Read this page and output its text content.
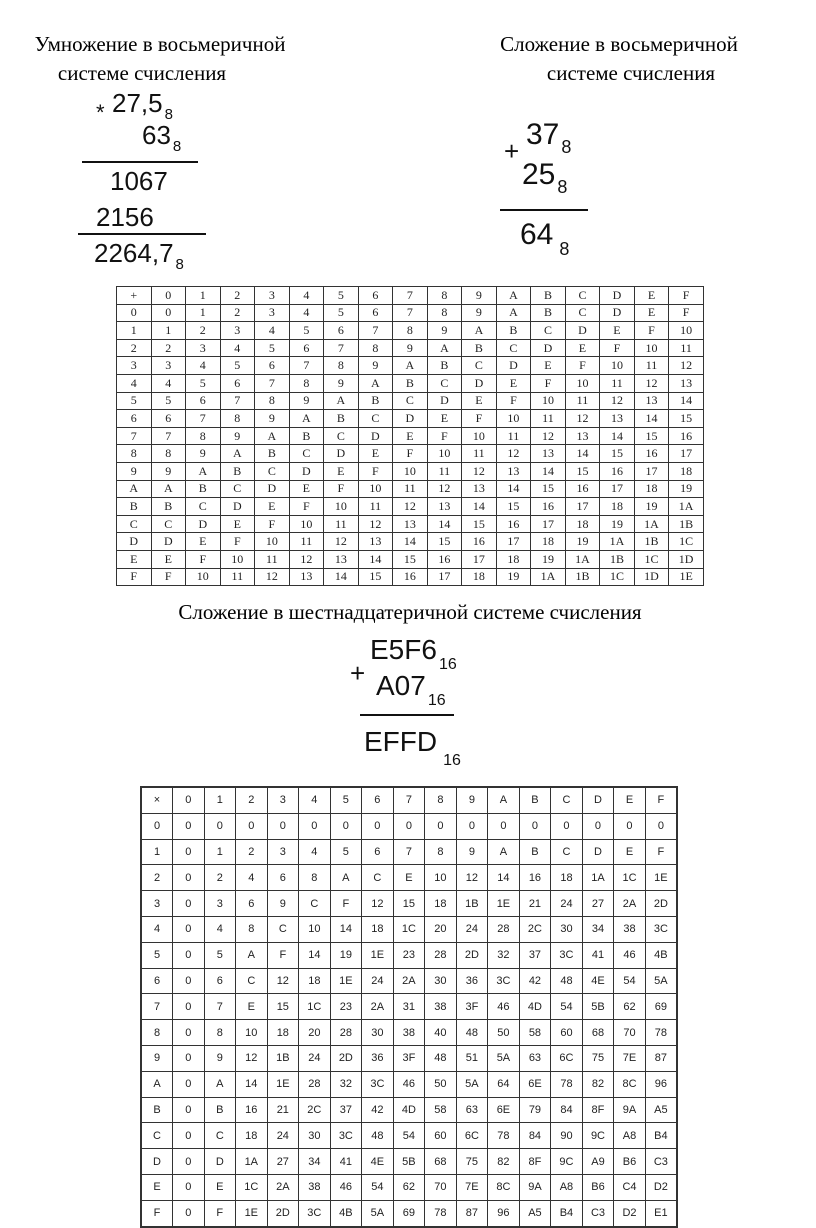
Умножение в восьмеричной
системе счисления
Сложение в восьмеричной
системе счисления
* 27,5 $_8$
63 $_8$
1067
2156
2264,7 $_8$
+ 37 $_8$
25 $_8$
64 $_8$
+	0	1	2	3	4	5	6	7	8	9	A	B	C	D	E	F
0	0	1	2	3	4	5	6	7	8	9	A	B	C	D	E	F
1	1	2	3	4	5	6	7	8	9	A	B	C	D	E	F	10
2	2	3	4	5	6	7	8	9	A	B	C	D	E	F	10	11
3	3	4	5	6	7	8	9	A	B	C	D	E	F	10	11	12
4	4	5	6	7	8	9	A	B	C	D	E	F	10	11	12	13
5	5	6	7	8	9	A	B	C	D	E	F	10	11	12	13	14
6	6	7	8	9	A	B	C	D	E	F	10	11	12	13	14	15
7	7	8	9	A	B	C	D	E	F	10	11	12	13	14	15	16
8	8	9	A	B	C	D	E	F	10	11	12	13	14	15	16	17
9	9	A	B	C	D	E	F	10	11	12	13	14	15	16	17	18
A	A	B	C	D	E	F	10	11	12	13	14	15	16	17	18	19
B	B	C	D	E	F	10	11	12	13	14	15	16	17	18	19	1A
C	C	D	E	F	10	11	12	13	14	15	16	17	18	19	1A	1B
D	D	E	F	10	11	12	13	14	15	16	17	18	19	1A	1B	1C
E	E	F	10	11	12	13	14	15	16	17	18	19	1A	1B	1C	1D
F	F	10	11	12	13	14	15	16	17	18	19	1A	1B	1C	1D	1E
Сложение в шестнадцатеричной системе счисления
+
E5F6 $_{16}$
A07 $_{16}$
$EFFD_{16}$
×	0	1	2	3	4	5	6	7	8	9	A	B	C	D	E	F
0	0	0	0	0	0	0	0	0	0	0	0	0	0	0	0	0
1	0	1	2	3	4	5	6	7	8	9	A	B	C	D	E	F
2	0	2	4	6	8	A	C	E	10	12	14	16	18	1A	1C	1E
3	0	3	6	9	C	F	12	15	18	1B	1E	21	24	27	2A	2D
4	0	4	8	C	10	14	18	1C	20	24	28	2C	30	34	38	3C
5	0	5	A	F	14	19	1E	23	28	2D	32	37	3C	41	46	4B
6	0	6	C	12	18	1E	24	2A	30	36	3C	42	48	4E	54	5A
7	0	7	E	15	1C	23	2A	31	38	3F	46	4D	54	5B	62	69
8	0	8	10	18	20	28	30	38	40	48	50	58	60	68	70	78
9	0	9	12	1B	24	2D	36	3F	48	51	5A	63	6C	75	7E	87
A	0	A	14	1E	28	32	3C	46	50	5A	64	6E	78	82	8C	96
B	0	B	16	21	2C	37	42	4D	58	63	6E	79	84	8F	9A	A5
C	0	C	18	24	30	3C	48	54	60	6C	78	84	90	9C	A8	B4
D	0	D	1A	27	34	41	4E	5B	68	75	82	8F	9C	A9	B6	C3
E	0	E	1C	2A	38	46	54	62	70	7E	8C	9A	A8	B6	C4	D2
F	0	F	1E	2D	3C	4B	5A	69	78	87	96	A5	B4	C3	D2	E1
